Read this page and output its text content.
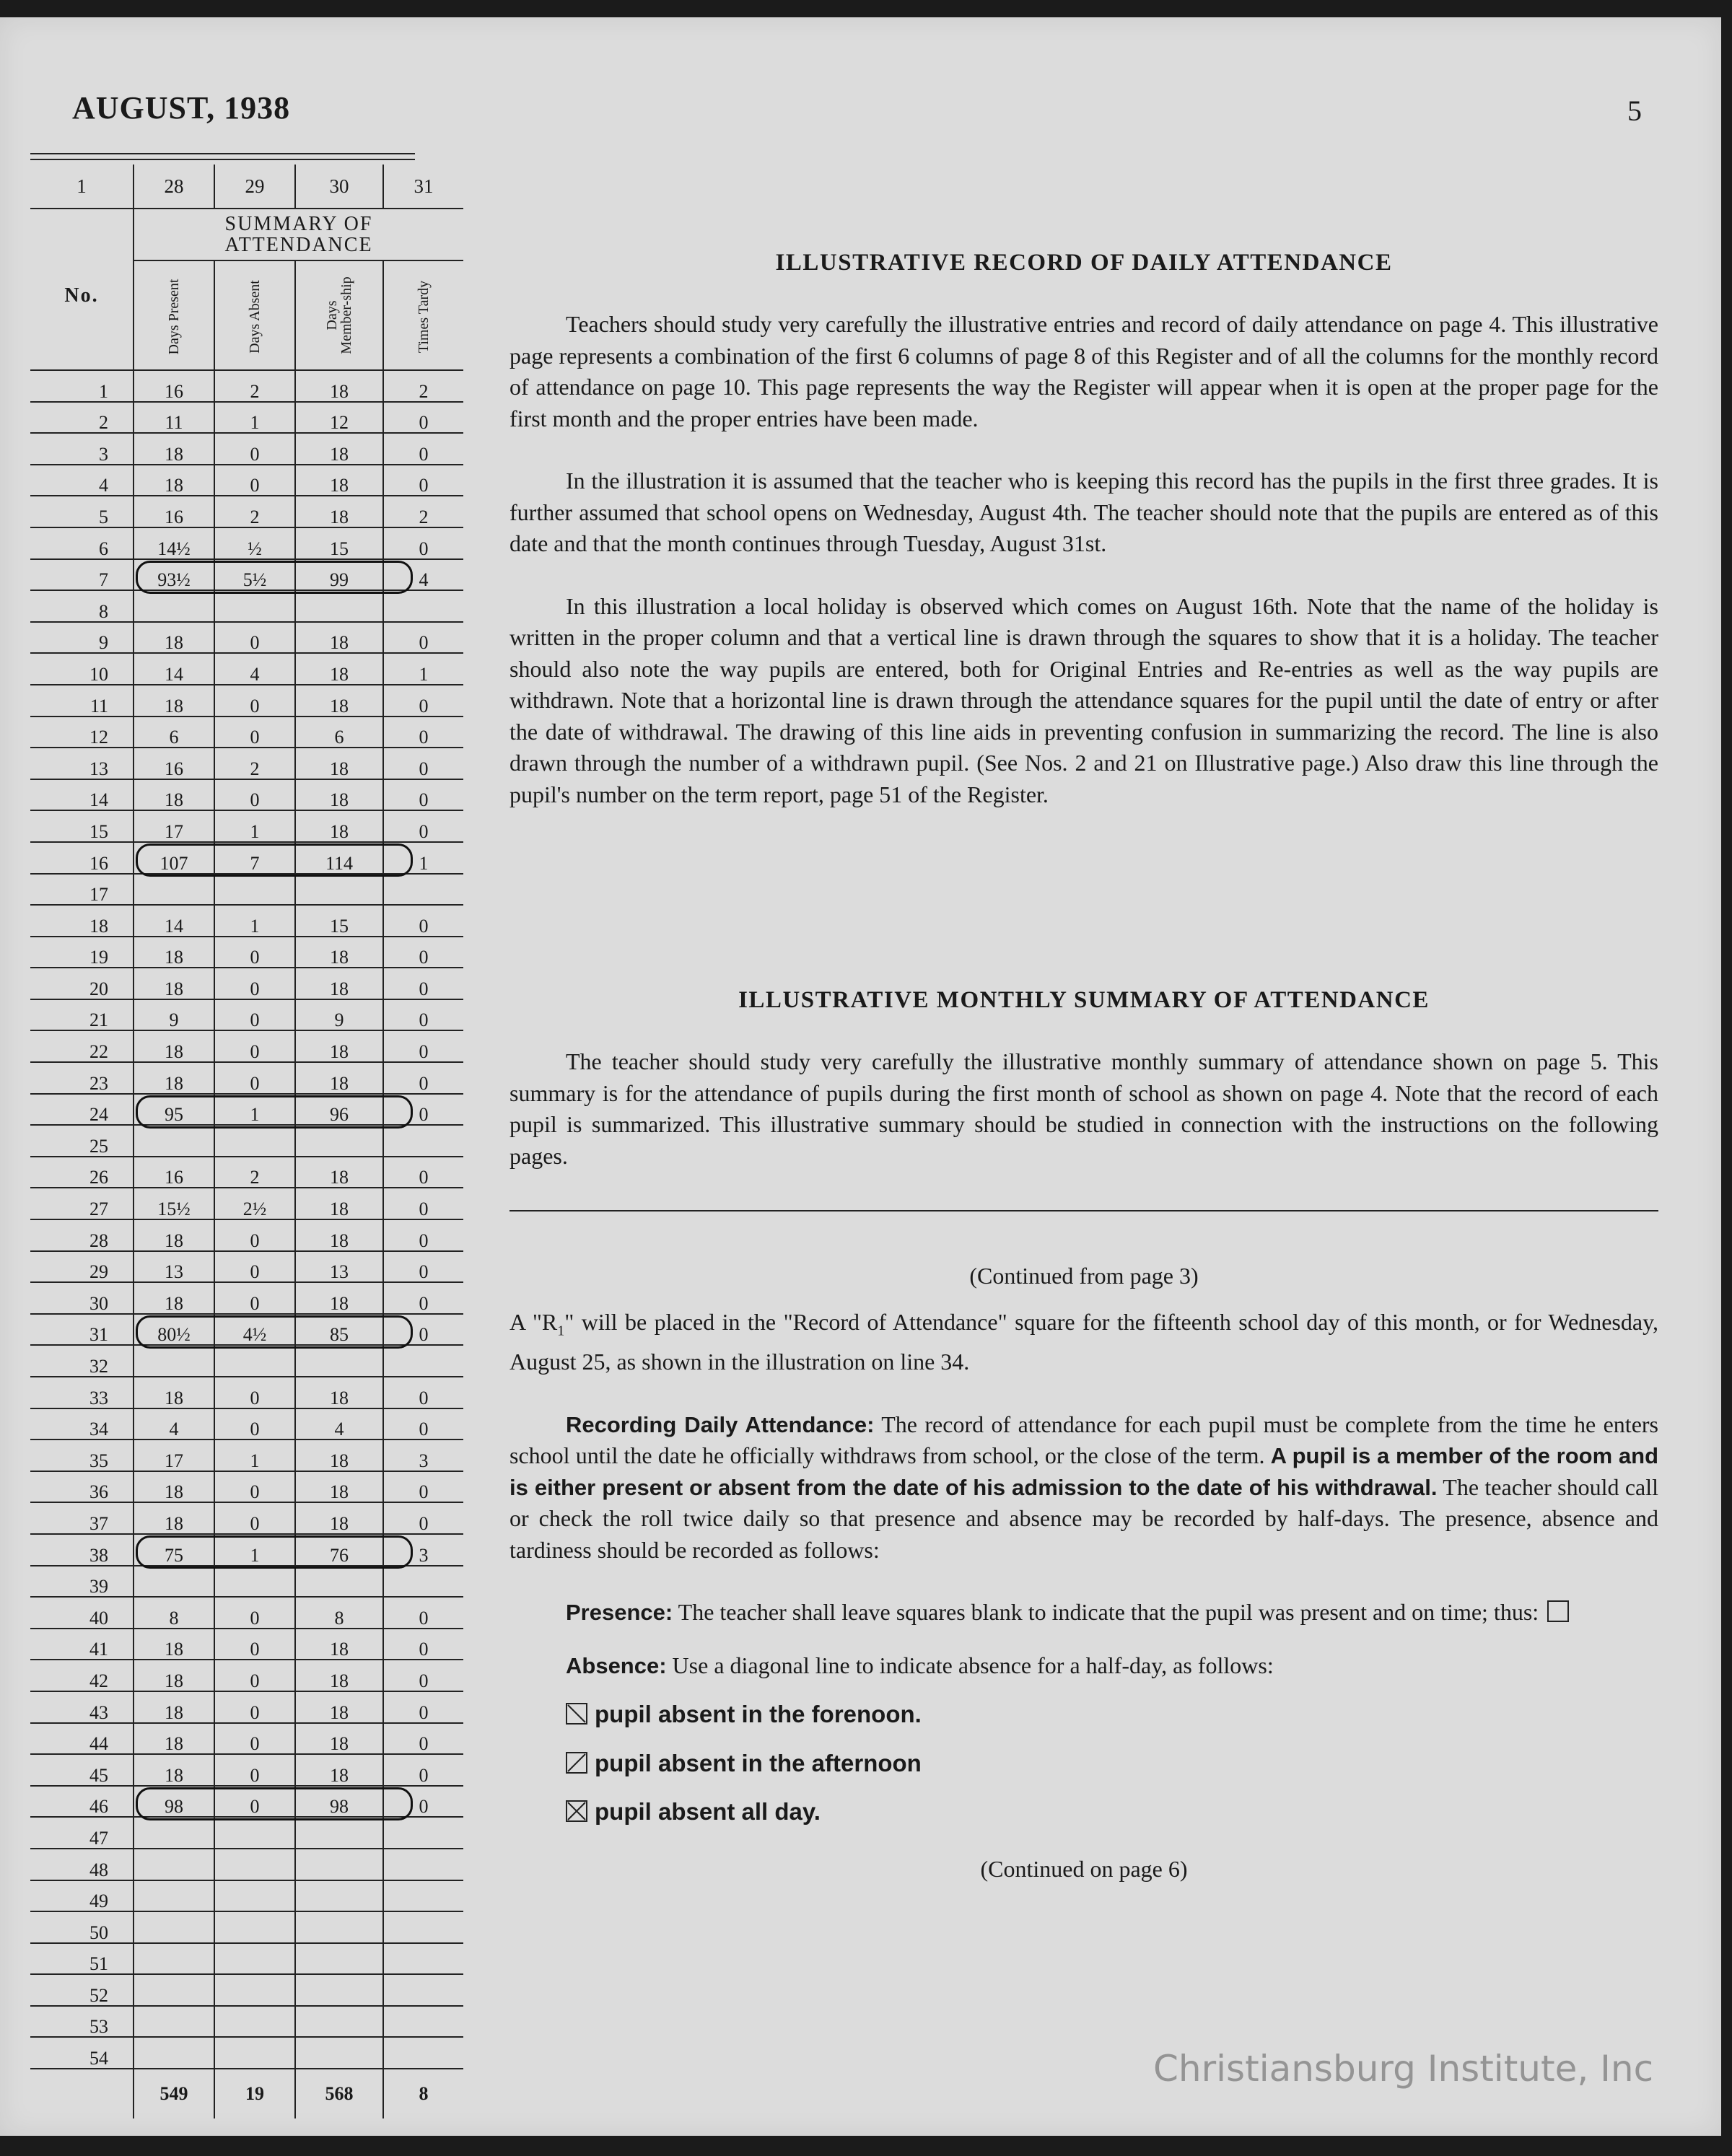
AUGUST, 1938	5
1	28	29	30	31
No.	SUMMARY OF ATTENDANCE			
	Days Present	Days Absent	Days Member-ship	Times Tardy
1	16	2	18	2
2	11	1	12	0
3	18	0	18	0
4	18	0	18	0
5	16	2	18	2
6	14½	½	15	0
7	93½	5½	99	4
8				
9	18	0	18	0
10	14	4	18	1
11	18	0	18	0
12	6	0	6	0
13	16	2	18	0
14	18	0	18	0
15	17	1	18	0
16	107	7	114	1
17				
18	14	1	15	0
19	18	0	18	0
20	18	0	18	0
21	9	0	9	0
22	18	0	18	0
23	18	0	18	0
24	95	1	96	0
25				
26	16	2	18	0
27	15½	2½	18	0
28	18	0	18	0
29	13	0	13	0
30	18	0	18	0
31	80½	4½	85	0
32				
33	18	0	18	0
34	4	0	4	0
35	17	1	18	3
36	18	0	18	0
37	18	0	18	0
38	75	1	76	3
39				
40	8	0	8	0
41	18	0	18	0
42	18	0	18	0
43	18	0	18	0
44	18	0	18	0
45	18	0	18	0
46	98	0	98	0
47				
48				
49				
50				
51				
52				
53				
54				
	549	19	568	8
ILLUSTRATIVE RECORD OF DAILY ATTENDANCE

Teachers should study very carefully the illustrative entries and record of daily attendance on page 4. This illustrative page represents a combination of the first 6 columns of page 8 of this Register and of all the columns for the monthly record of attendance on page 10. This page represents the way the Register will appear when it is open at the proper page for the first month and the proper entries have been made.

In the illustration it is assumed that the teacher who is keeping this record has the pupils in the first three grades. It is further assumed that school opens on Wednesday, August 4th. The teacher should note that the pupils are entered as of this date and that the month continues through Tuesday, August 31st.

In this illustration a local holiday is observed which comes on August 16th. Note that the name of the holiday is written in the proper column and that a vertical line is drawn through the squares to show that it is a holiday. The teacher should also note the way pupils are entered, both for Original Entries and Re-entries as well as the way pupils are withdrawn. Note that a horizontal line is drawn through the attendance squares for the pupil until the date of entry or after the date of withdrawal. The drawing of this line aids in preventing confusion in summarizing the record. The line is also drawn through the number of a withdrawn pupil. (See Nos. 2 and 21 on Illustrative page.) Also draw this line through the pupil's number on the term report, page 51 of the Register.

ILLUSTRATIVE MONTHLY SUMMARY OF ATTENDANCE

The teacher should study very carefully the illustrative monthly summary of attendance shown on page 5. This summary is for the attendance of pupils during the first month of school as shown on page 4. Note that the record of each pupil is summarized. This illustrative summary should be studied in connection with the instructions on the following pages.

(Continued from page 3)

A "$R_1$" will be placed in the "Record of Attendance" square for the fifteenth school day of this month, or for Wednesday, August 25, as shown in the illustration on line 34.

Recording Daily Attendance: The record of attendance for each pupil must be complete from the time he enters school until the date he officially withdraws from school, or the close of the term. A pupil is a member of the room and is either present or absent from the date of his admission to the date of his withdrawal. The teacher should call or check the roll twice daily so that presence and absence may be recorded by half-days. The presence, absence and tardiness should be recorded as follows:

Presence: The teacher shall leave squares blank to indicate that the pupil was present and on time; thus:

Absence: Use a diagonal line to indicate absence for a half-day, as follows:

pupil absent in the forenoon.

pupil absent in the afternoon

pupil absent all day.

(Continued on page 6)

Christiansburg Institute, Inc
